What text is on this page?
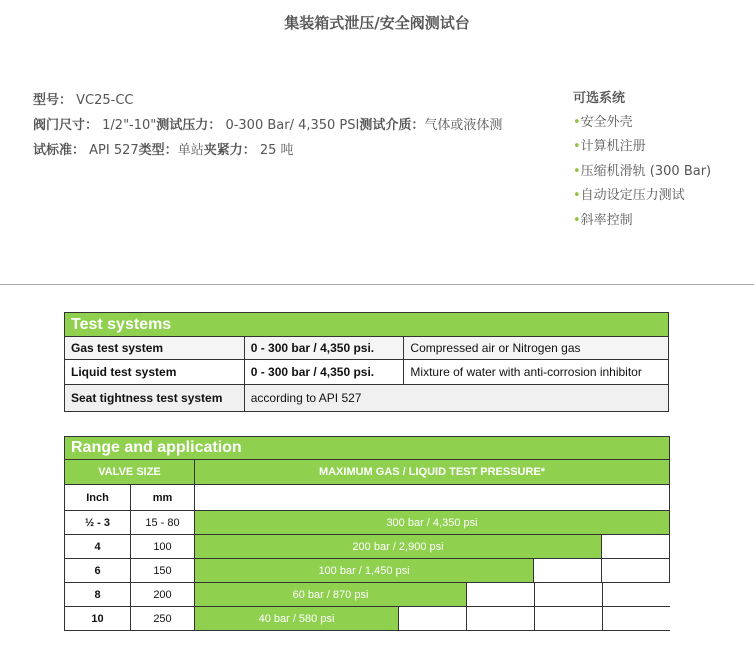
集装箱式泄压/安全阀测试台
型号： VC25-CC
阀门尺寸： 1/2"-10"测试压力： 0-300 Bar/ 4,350 PSI测试介质：气体或液体测
试标准： API 527类型：单站夹紧力： 25 吨
可选系统
•安全外壳
•计算机注册
•压缩机滑轨 (300 Bar)
•自动设定压力测试
•斜率控制
Test systems		
Gas test system	0 - 300 bar / 4,350 psi.	Compressed air or Nitrogen gas
Liquid test system	0 - 300 bar / 4,350 psi.	Mixture of water with anti-corrosion inhibitor
Seat tightness test system	according to API 527	
Range and application		
VALVE SIZE		MAXIMUM GAS / LIQUID TEST PRESSURE*
Inch	mm	
½ - 3	15 - 80	300 bar / 4,350 psi

4	100	200 bar / 2,900 psi

6	150	100 bar / 1,450 psi

8	200	60 bar / 870 psi

10	250	40 bar / 580 psi
